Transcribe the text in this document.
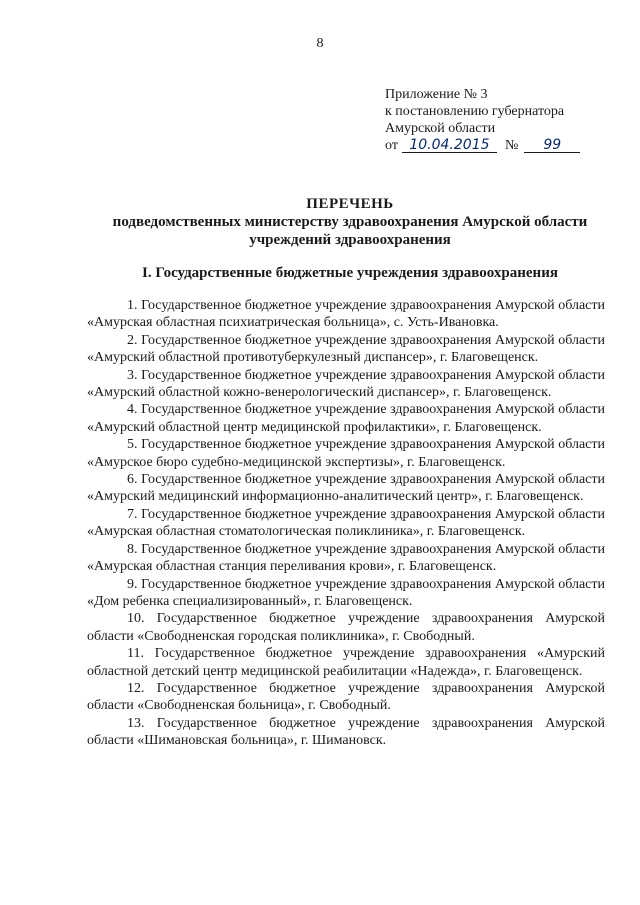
8
Приложение № 3
к постановлению губернатора
Амурской области
от 10.04.2015	№	99
ПЕРЕЧЕНЬ
подведомственных министерству здравоохранения Амурской области
учреждений здравоохранения
I. Государственные бюджетные учреждения здравоохранения

1. Государственное бюджетное учреждение здравоохранения Амурской области «Амурская областная психиатрическая больница», с. Усть-Ивановка.

2. Государственное бюджетное учреждение здравоохранения Амурской области «Амурский областной противотуберкулезный диспансер», г. Благовещенск.

3. Государственное бюджетное учреждение здравоохранения Амурской области «Амурский областной кожно-венерологический диспансер», г. Благовещенск.

4. Государственное бюджетное учреждение здравоохранения Амурской области «Амурский областной центр медицинской профилактики», г. Благовещенск.

5. Государственное бюджетное учреждение здравоохранения Амурской области «Амурское бюро судебно-медицинской экспертизы», г. Благовещенск.

6. Государственное бюджетное учреждение здравоохранения Амурской области «Амурский медицинский информационно-аналитический центр», г. Благовещенск.

7. Государственное бюджетное учреждение здравоохранения Амурской области «Амурская областная стоматологическая поликлиника», г. Благовещенск.

8. Государственное бюджетное учреждение здравоохранения Амурской области «Амурская областная станция переливания крови», г. Благовещенск.

9. Государственное бюджетное учреждение здравоохранения Амурской области «Дом ребенка специализированный», г. Благовещенск.

10. Государственное бюджетное учреждение здравоохранения Амурской области «Свободненская городская поликлиника», г. Свободный.

11. Государственное бюджетное учреждение здравоохранения «Амурский областной детский центр медицинской реабилитации «Надежда», г. Благовещенск.

12. Государственное бюджетное учреждение здравоохранения Амурской области «Свободненская больница», г. Свободный.

13. Государственное бюджетное учреждение здравоохранения Амурской области «Шимановская больница», г. Шимановск.
